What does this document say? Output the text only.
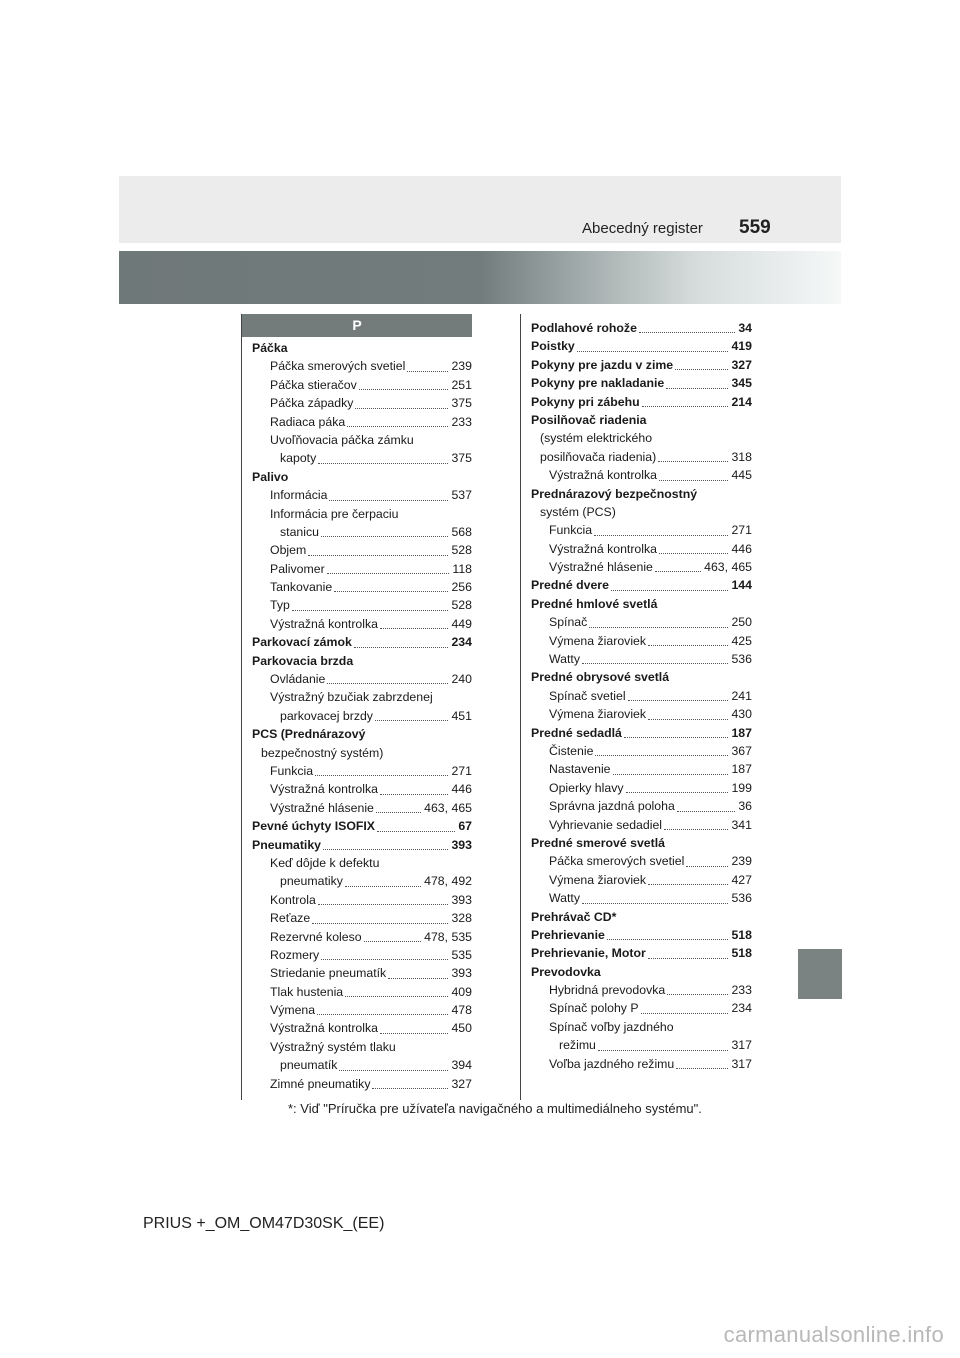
Abecedný register 559
P
Páčka
Páčka smerových svetiel	239
Páčka stieračov	251
Páčka západky	375
Radiaca páka	233
Uvoľňovacia páčka zámku
kapoty	375
Palivo
Informácia	537
Informácia pre čerpaciu
stanicu	568
Objem	528
Palivomer	118
Tankovanie	256
Typ	528
Výstražná kontrolka	449
Parkovací zámok	234
Parkovacia brzda
Ovládanie	240
Výstražný bzučiak zabrzdenej
parkovacej brzdy	451
PCS (Prednárazový
bezpečnostný systém)
Funkcia	271
Výstražná kontrolka	446
Výstražné hlásenie	463, 465
Pevné úchyty ISOFIX	67
Pneumatiky	393
Keď dôjde k defektu
pneumatiky	478, 492
Kontrola	393
Reťaze	328
Rezervné koleso	478, 535
Rozmery	535
Striedanie pneumatík	393
Tlak hustenia	409
Výmena	478
Výstražná kontrolka	450
Výstražný systém tlaku
pneumatík	394
Zimné pneumatiky	327
Podlahové rohože	34
Poistky	419
Pokyny pre jazdu v zime	327
Pokyny pre nakladanie	345
Pokyny pri zábehu	214
Posilňovač riadenia
(systém elektrického
posilňovača riadenia)	318
Výstražná kontrolka	445
Prednárazový bezpečnostný
systém (PCS)
Funkcia	271
Výstražná kontrolka	446
Výstražné hlásenie	463, 465
Predné dvere	144
Predné hmlové svetlá
Spínač	250
Výmena žiaroviek	425
Watty	536
Predné obrysové svetlá
Spínač svetiel	241
Výmena žiaroviek	430
Predné sedadlá	187
Čistenie	367
Nastavenie	187
Opierky hlavy	199
Správna jazdná poloha	36
Vyhrievanie sedadiel	341
Predné smerové svetlá
Páčka smerových svetiel	239
Výmena žiaroviek	427
Watty	536
Prehrávač CD*
Prehrievanie	518
Prehrievanie, Motor	518
Prevodovka
Hybridná prevodovka	233
Spínač polohy P	234
Spínač voľby jazdného
režimu	317
Voľba jazdného režimu	317
*: Viď "Príručka pre užívateľa navigačného a multimediálneho systému".
PRIUS +_OM_OM47D30SK_(EE)
carmanualsonline.info
